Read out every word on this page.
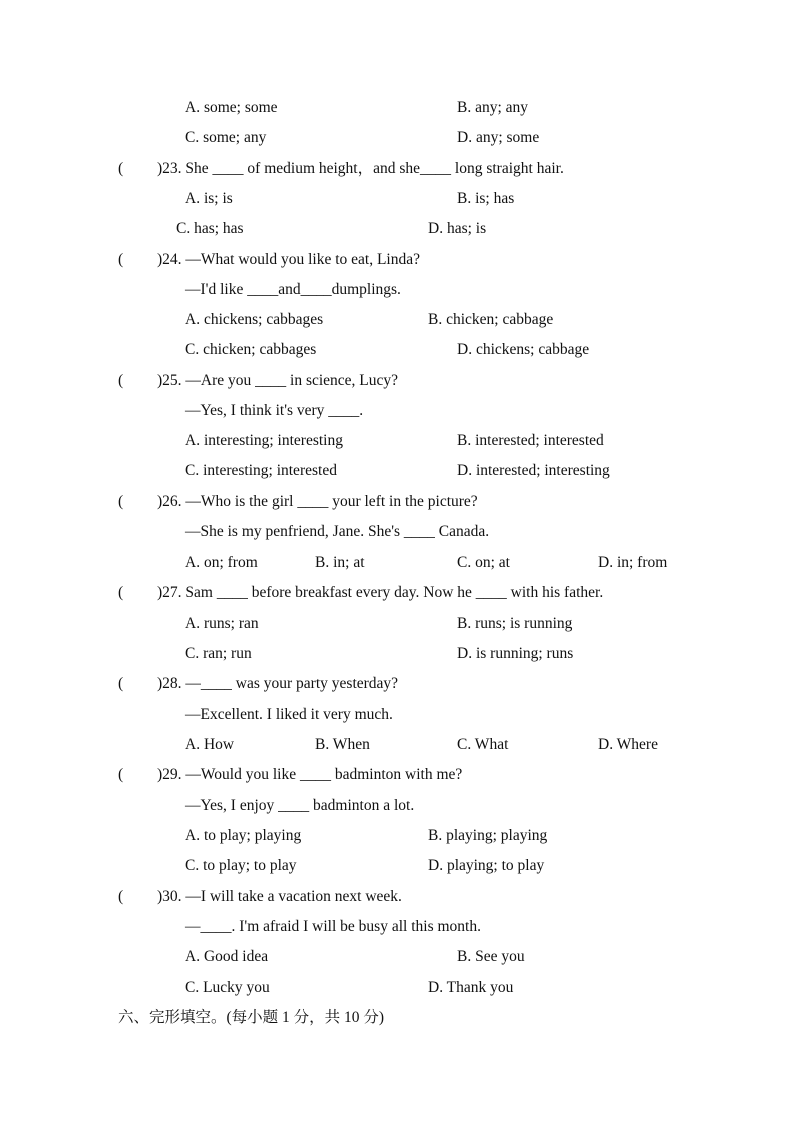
A. some; some	B. any; any
C. some; any	D. any; some
( )23. She ____ of medium height，and she____ long straight hair.
A. is; is	B. is; has
C. has; has	D. has; is
( )24. —What would you like to eat, Linda?
—I'd like ____and____dumplings.
A. chickens; cabbages	B. chicken; cabbage
C. chicken; cabbages	D. chickens; cabbage
( )25. —Are you ____ in science, Lucy?
—Yes, I think it's very ____.
A. interesting; interesting	B. interested; interested
C. interesting; interested	D. interested; interesting
( )26. —Who is the girl ____ your left in the picture?
—She is my penfriend, Jane. She's ____ Canada.
A. on; from	B. in; at	C. on; at	D. in; from
( )27. Sam ____ before breakfast every day. Now he ____ with his father.
A. runs; ran	B. runs; is running
C. ran; run	D. is running; runs
( )28. —____ was your party yesterday?
—Excellent. I liked it very much.
A. How	B. When	C. What	D. Where
( )29. —Would you like ____ badminton with me?
—Yes, I enjoy ____ badminton a lot.
A. to play; playing	B. playing; playing
C. to play; to play	D. playing; to play
( )30. —I will take a vacation next week.
—____. I'm afraid I will be busy all this month.
A. Good idea	B. See you
C. Lucky you	D. Thank you
六、完形填空。(每小题 1 分，共 10 分)
